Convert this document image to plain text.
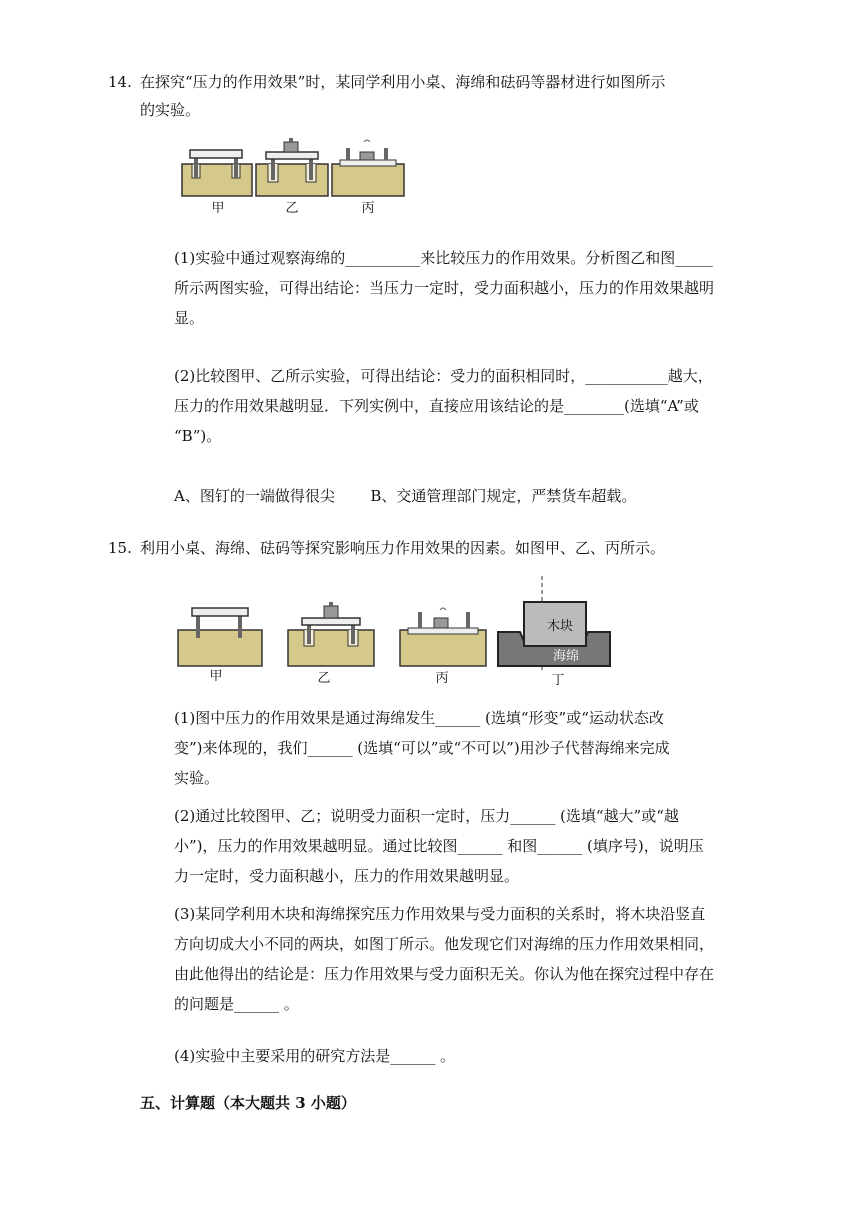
14. 在探究“压力的作用效果”时，某同学利用小桌、海绵和砝码等器材进行如图所示
的实验。
甲	乙	丙
(1)实验中通过观察海绵的__________来比较压力的作用效果。分析图乙和图_____
所示两图实验，可得出结论：当压力一定时，受力面积越小，压力的作用效果越明
显。
(2)比较图甲、乙所示实验，可得出结论：受力的面积相同时，___________越大，
压力的作用效果越明显．下列实例中，直接应用该结论的是________(选填“A”或
“B”)。
A、图钉的一端做得很尖 B、交通管理部门规定，严禁货车超载。
15. 利用小桌、海绵、砝码等探究影响压力作用效果的因素。如图甲、乙、丙所示。
木块
海绵
甲	乙	丙	丁
(1)图中压力的作用效果是通过海绵发生______ (选填“形变”或“运动状态改
变”)来体现的，我们______ (选填“可以”或“不可以”)用沙子代替海绵来完成
实验。
(2)通过比较图甲、乙；说明受力面积一定时，压力______ (选填“越大”或“越
小”)，压力的作用效果越明显。通过比较图______ 和图______ (填序号)，说明压
力一定时，受力面积越小，压力的作用效果越明显。
(3)某同学利用木块和海绵探究压力作用效果与受力面积的关系时，将木块沿竖直
方向切成大小不同的两块，如图丁所示。他发现它们对海绵的压力作用效果相同，
由此他得出的结论是：压力作用效果与受力面积无关。你认为他在探究过程中存在
的问题是______ 。
(4)实验中主要采用的研究方法是______ 。
五、计算题（本大题共 3 小题）
